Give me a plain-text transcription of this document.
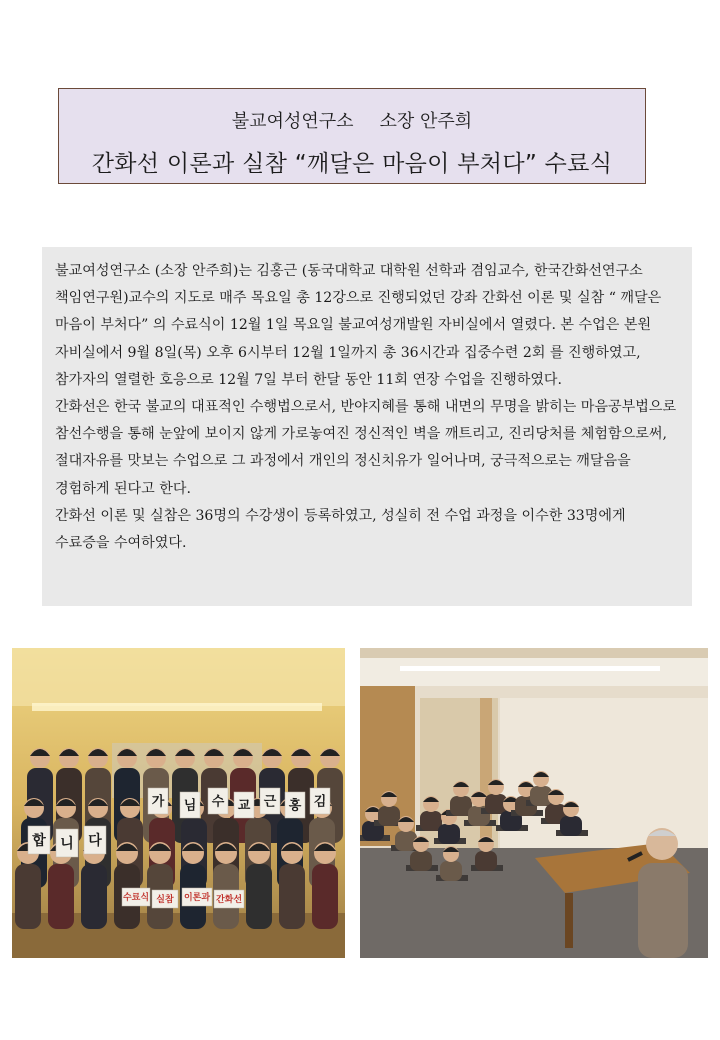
불교여성연구소 소장 안주희
간화선 이론과 실참 “깨달은 마음이 부처다” 수료식

불교여성연구소 (소장 안주희)는 김홍근 (동국대학교 대학원 선학과 겸임교수, 한국간화선연구소 책임연구원)교수의 지도로 매주 목요일 총 12강으로 진행되었던 강좌 간화선 이론 및 실참 “ 깨달은 마음이 부처다” 의 수료식이 12월 1일 목요일 불교여성개발원 자비실에서 열렸다. 본 수업은 본원 자비실에서 9월 8일(목) 오후 6시부터 12월 1일까지 총 36시간과 집중수련 2회 를 진행하였고, 참가자의 열렬한 호응으로 12월 7일 부터 한달 동안 11회 연장 수업을 진행하였다.

간화선은 한국 불교의 대표적인 수행법으로서, 반야지혜를 통해 내면의 무명을 밝히는 마음공부법으로 참선수행을 통해 눈앞에 보이지 않게 가로놓여진 정신적인 벽을 깨트리고, 진리당처를 체험함으로써, 절대자유를 맛보는 수업으로 그 과정에서 개인의 정신치유가 일어나며, 궁극적으로는 깨달음을 경험하게 된다고 한다.

간화선 이론 및 실참은 36명의 수강생이 등록하였고, 성실히 전 수업 과정을 이수한 33명에게 수료증을 수여하였다.

김
홍
근
교
수
님
가
합 니 다
수료식 실참 이론과 간화선
